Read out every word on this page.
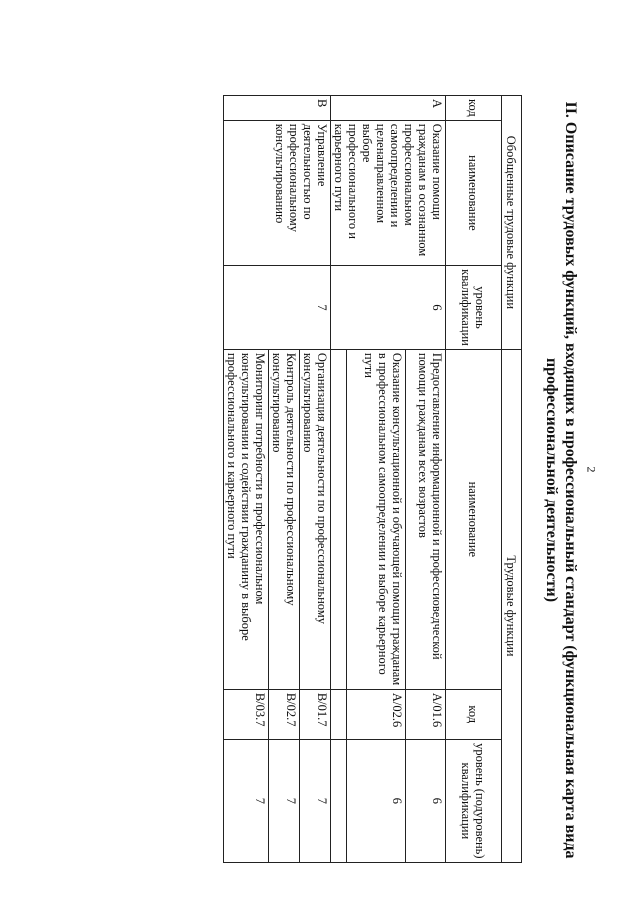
2
II. Описание трудовых функций, входящих в профессиональный стандарт (функциональная карта вида
профессиональной деятельности)
Обобщенные трудовые функции			Трудовые функции		
код	наименование	уровень квалификации	наименование	код	уровень (подуровень) квалификации
A	Оказание помощи гражданам в осознанном профессиональном самоопределении и целенаправленном выборе профессионального и карьерного пути	6	Предоставление информационной и профессиоведческой помощи гражданам всех возрастов	A/01.6	6
			Оказание консультационной и обучающей помощи гражданам в профессиональном самоопределении и выборе карьерного пути	A/02.6	6

B	Управление деятельностью по профессиональному консультированию	7	Организация деятельности по профессиональному консультированию	B/01.7	7
			Контроль деятельности по профессиональному консультированию	B/02.7	7
			Мониторинг потребности в профессиональном консультировании и содействии гражданину в выборе профессионального и карьерного пути	B/03.7	7
